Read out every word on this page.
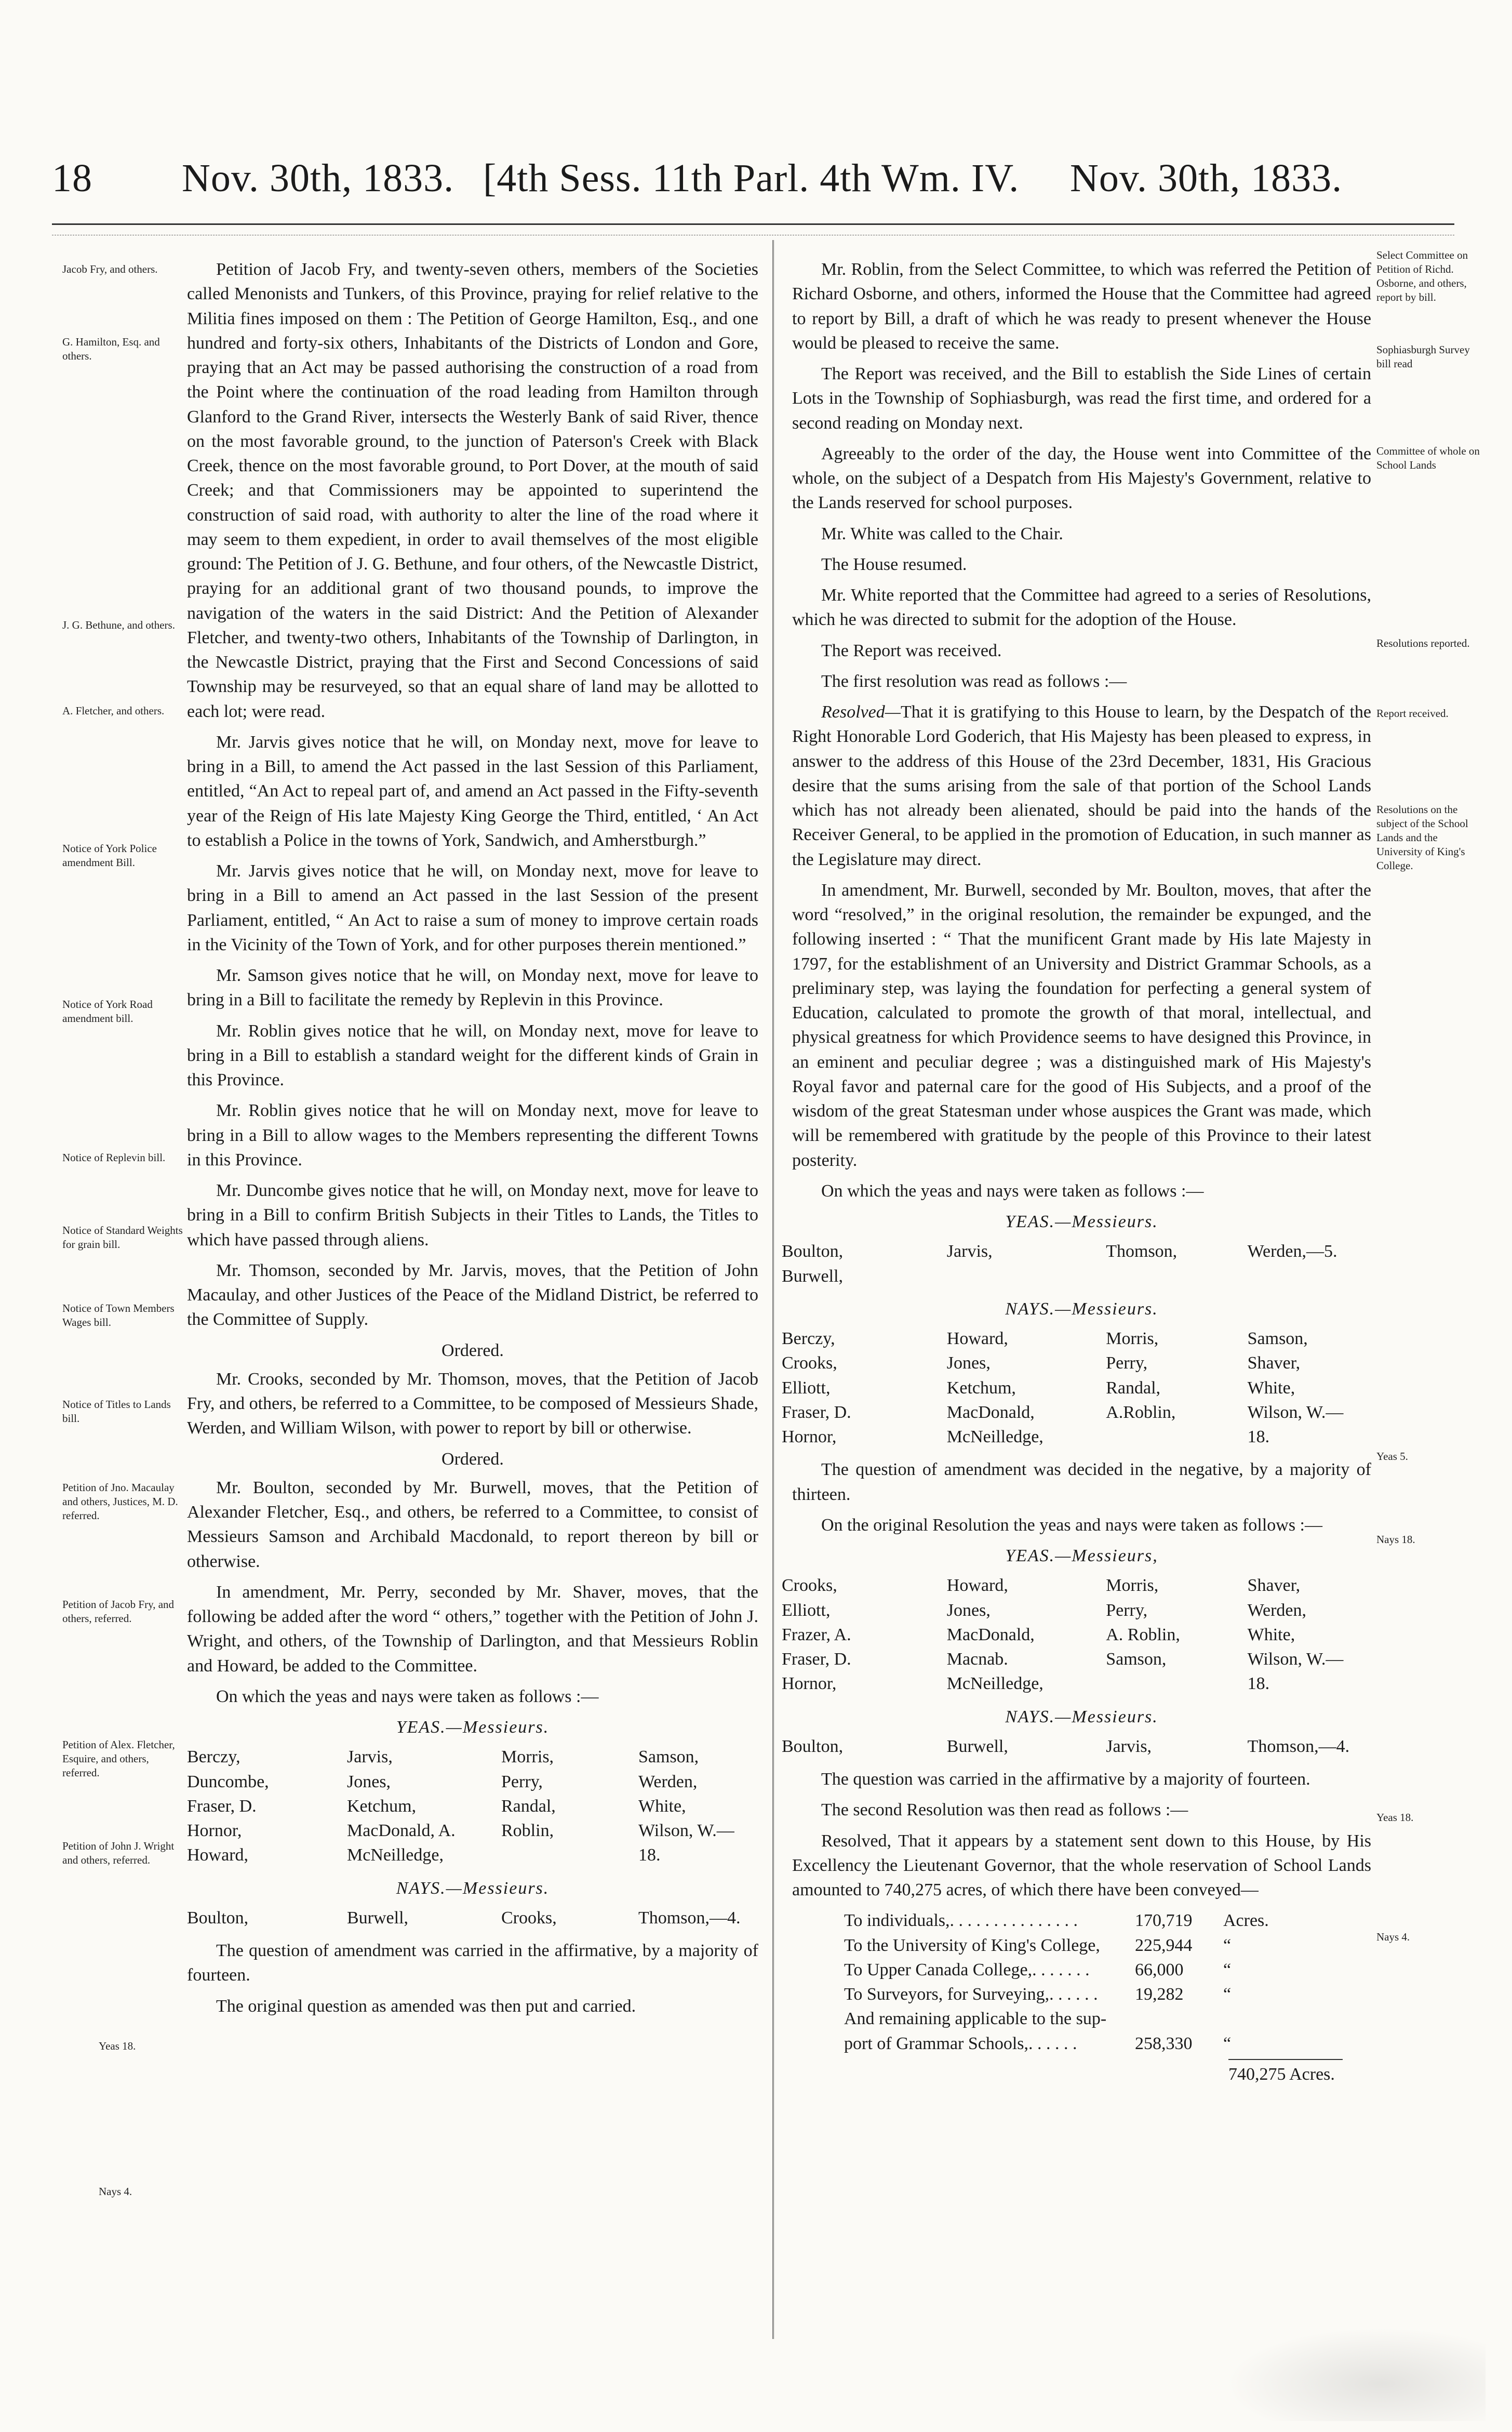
18 Nov. 30th, 1833. [4th Sess. 11th Parl. 4th Wm. IV. Nov. 30th, 1833.
Jacob Fry, and others.
G. Hamilton, Esq. and others.
J. G. Bethune, and others.
A. Fletcher, and others.
Notice of York Police amendment Bill.
Notice of York Road amendment bill.
Notice of Replevin bill.
Notice of Standard Weights for grain bill.
Notice of Town Members Wages bill.
Notice of Titles to Lands bill.
Petition of Jno. Macaulay and others, Justices, M. D. referred.
Petition of Jacob Fry, and others, referred.
Petition of Alex. Fletcher, Esquire, and others, referred.
Petition of John J. Wright and others, referred.
Yeas 18.
Nays 4.
Select Committee on Petition of Richd. Osborne, and others, report by bill.
Sophiasburgh Survey bill read
Committee of whole on School Lands
Resolutions reported.
Report received.
Resolutions on the subject of the School Lands and the University of King's College.
Yeas 5.
Nays 18.
Yeas 18.
Nays 4.

Petition of Jacob Fry, and twenty-seven others, members of the Societies called Menonists and Tunkers, of this Province, praying for relief relative to the Militia fines imposed on them : The Petition of George Hamilton, Esq., and one hundred and forty-six others, Inhabitants of the Districts of London and Gore, praying that an Act may be passed authorising the construction of a road from the Point where the continuation of the road leading from Hamilton through Glanford to the Grand River, intersects the Westerly Bank of said River, thence on the most favorable ground, to the junction of Paterson's Creek with Black Creek, thence on the most favorable ground, to Port Dover, at the mouth of said Creek; and that Commissioners may be appointed to superintend the construction of said road, with authority to alter the line of the road where it may seem to them expedient, in order to avail themselves of the most eligible ground: The Petition of J. G. Bethune, and four others, of the Newcastle District, praying for an additional grant of two thousand pounds, to improve the navigation of the waters in the said District: And the Petition of Alexander Fletcher, and twenty-two others, Inhabitants of the Township of Darlington, in the Newcastle District, praying that the First and Second Concessions of said Township may be resurveyed, so that an equal share of land may be allotted to each lot; were read.

Mr. Jarvis gives notice that he will, on Monday next, move for leave to bring in a Bill, to amend the Act passed in the last Session of this Parliament, entitled, “An Act to repeal part of, and amend an Act passed in the Fifty-seventh year of the Reign of His late Majesty King George the Third, entitled, ‘ An Act to establish a Police in the towns of York, Sandwich, and Amherstburgh.”

Mr. Jarvis gives notice that he will, on Monday next, move for leave to bring in a Bill to amend an Act passed in the last Session of the present Parliament, entitled, “ An Act to raise a sum of money to improve certain roads in the Vicinity of the Town of York, and for other purposes therein mentioned.”

Mr. Samson gives notice that he will, on Monday next, move for leave to bring in a Bill to facilitate the remedy by Replevin in this Province.

Mr. Roblin gives notice that he will, on Monday next, move for leave to bring in a Bill to establish a standard weight for the different kinds of Grain in this Province.

Mr. Roblin gives notice that he will on Monday next, move for leave to bring in a Bill to allow wages to the Members representing the different Towns in this Province.

Mr. Duncombe gives notice that he will, on Monday next, move for leave to bring in a Bill to confirm British Subjects in their Titles to Lands, the Titles to which have passed through aliens.

Mr. Thomson, seconded by Mr. Jarvis, moves, that the Petition of John Macaulay, and other Justices of the Peace of the Midland District, be referred to the Committee of Supply.

Ordered.

Mr. Crooks, seconded by Mr. Thomson, moves, that the Petition of Jacob Fry, and others, be referred to a Committee, to be composed of Messieurs Shade, Werden, and William Wilson, with power to report by bill or otherwise.

Ordered.

Mr. Boulton, seconded by Mr. Burwell, moves, that the Petition of Alexander Fletcher, Esq., and others, be referred to a Committee, to consist of Messieurs Samson and Archibald Macdonald, to report thereon by bill or otherwise.

In amendment, Mr. Perry, seconded by Mr. Shaver, moves, that the following be added after the word “ others,” together with the Petition of John J. Wright, and others, of the Township of Darlington, and that Messieurs Roblin and Howard, be added to the Committee.

On which the yeas and nays were taken as follows :—

YEAS.—Messieurs.
Berczy,	Jarvis,	Morris,	Samson,
Duncombe,	Jones,	Perry,	Werden,
Fraser, D.	Ketchum,	Randal,	White,
Hornor,	MacDonald, A.	Roblin,	Wilson, W.—
Howard,	McNeilledge,	18.
NAYS.—Messieurs.
Boulton,	Burwell,	Crooks,	Thomson,—4.

The question of amendment was carried in the affirmative, by a majority of fourteen.

The original question as amended was then put and carried.

Mr. Roblin, from the Select Committee, to which was referred the Petition of Richard Osborne, and others, informed the House that the Committee had agreed to report by Bill, a draft of which he was ready to present whenever the House would be pleased to receive the same.

The Report was received, and the Bill to establish the Side Lines of certain Lots in the Township of Sophiasburgh, was read the first time, and ordered for a second reading on Monday next.

Agreeably to the order of the day, the House went into Committee of the whole, on the subject of a Despatch from His Majesty's Government, relative to the Lands reserved for school purposes.

Mr. White was called to the Chair.

The House resumed.

Mr. White reported that the Committee had agreed to a series of Resolutions, which he was directed to submit for the adoption of the House.

The Report was received.

The first resolution was read as follows :—

Resolved—That it is gratifying to this House to learn, by the Despatch of the Right Honorable Lord Goderich, that His Majesty has been pleased to express, in answer to the address of this House of the 23rd December, 1831, His Gracious desire that the sums arising from the sale of that portion of the School Lands which has not already been alienated, should be paid into the hands of the Receiver General, to be applied in the promotion of Education, in such manner as the Legislature may direct.

In amendment, Mr. Burwell, seconded by Mr. Boulton, moves, that after the word “resolved,” in the original resolution, the remainder be expunged, and the following inserted : “ That the munificent Grant made by His late Majesty in 1797, for the establishment of an University and District Grammar Schools, as a preliminary step, was laying the foundation for perfecting a general system of Education, calculated to promote the growth of that moral, intellectual, and physical greatness for which Providence seems to have designed this Province, in an eminent and peculiar degree ; was a distinguished mark of His Majesty's Royal favor and paternal care for the good of His Subjects, and a proof of the wisdom of the great Statesman under whose auspices the Grant was made, which will be remembered with gratitude by the people of this Province to their latest posterity.

On which the yeas and nays were taken as follows :—

YEAS.—Messieurs.
Boulton,	Jarvis,	Thomson,	Werden,—5.
Burwell,
NAYS.—Messieurs.
Berczy,	Howard,	Morris,	Samson,
Crooks,	Jones,	Perry,	Shaver,
Elliott,	Ketchum,	Randal,	White,
Fraser, D.	MacDonald,	A.Roblin,	Wilson, W.—
Hornor,	McNeilledge,	18.

The question of amendment was decided in the negative, by a majority of thirteen.

On the original Resolution the yeas and nays were taken as follows :—

YEAS.—Messieurs,
Crooks,	Howard,	Morris,	Shaver,
Elliott,	Jones,	Perry,	Werden,
Frazer, A.	MacDonald,	A. Roblin,	White,
Fraser, D.	Macnab.	Samson,	Wilson, W.—
Hornor,	McNeilledge,	18.
NAYS.—Messieurs.
Boulton,	Burwell,	Jarvis,	Thomson,—4.

The question was carried in the affirmative by a majority of fourteen.

The second Resolution was then read as follows :—

Resolved, That it appears by a statement sent down to this House, by His Excellency the Lieutenant Governor, that the whole reservation of School Lands amounted to 740,275 acres, of which there have been conveyed—

To individuals,. . . . . . . . . . . . . . .	170,719	Acres.
To the University of King's College,	225,944	“
To Upper Canada College,. . . . . . .	66,000	“
To Surveyors, for Surveying,. . . . . .	19,282	“
And remaining applicable to the sup-
port of Grammar Schools,. . . . . .	258,330	“
740,275 Acres.
